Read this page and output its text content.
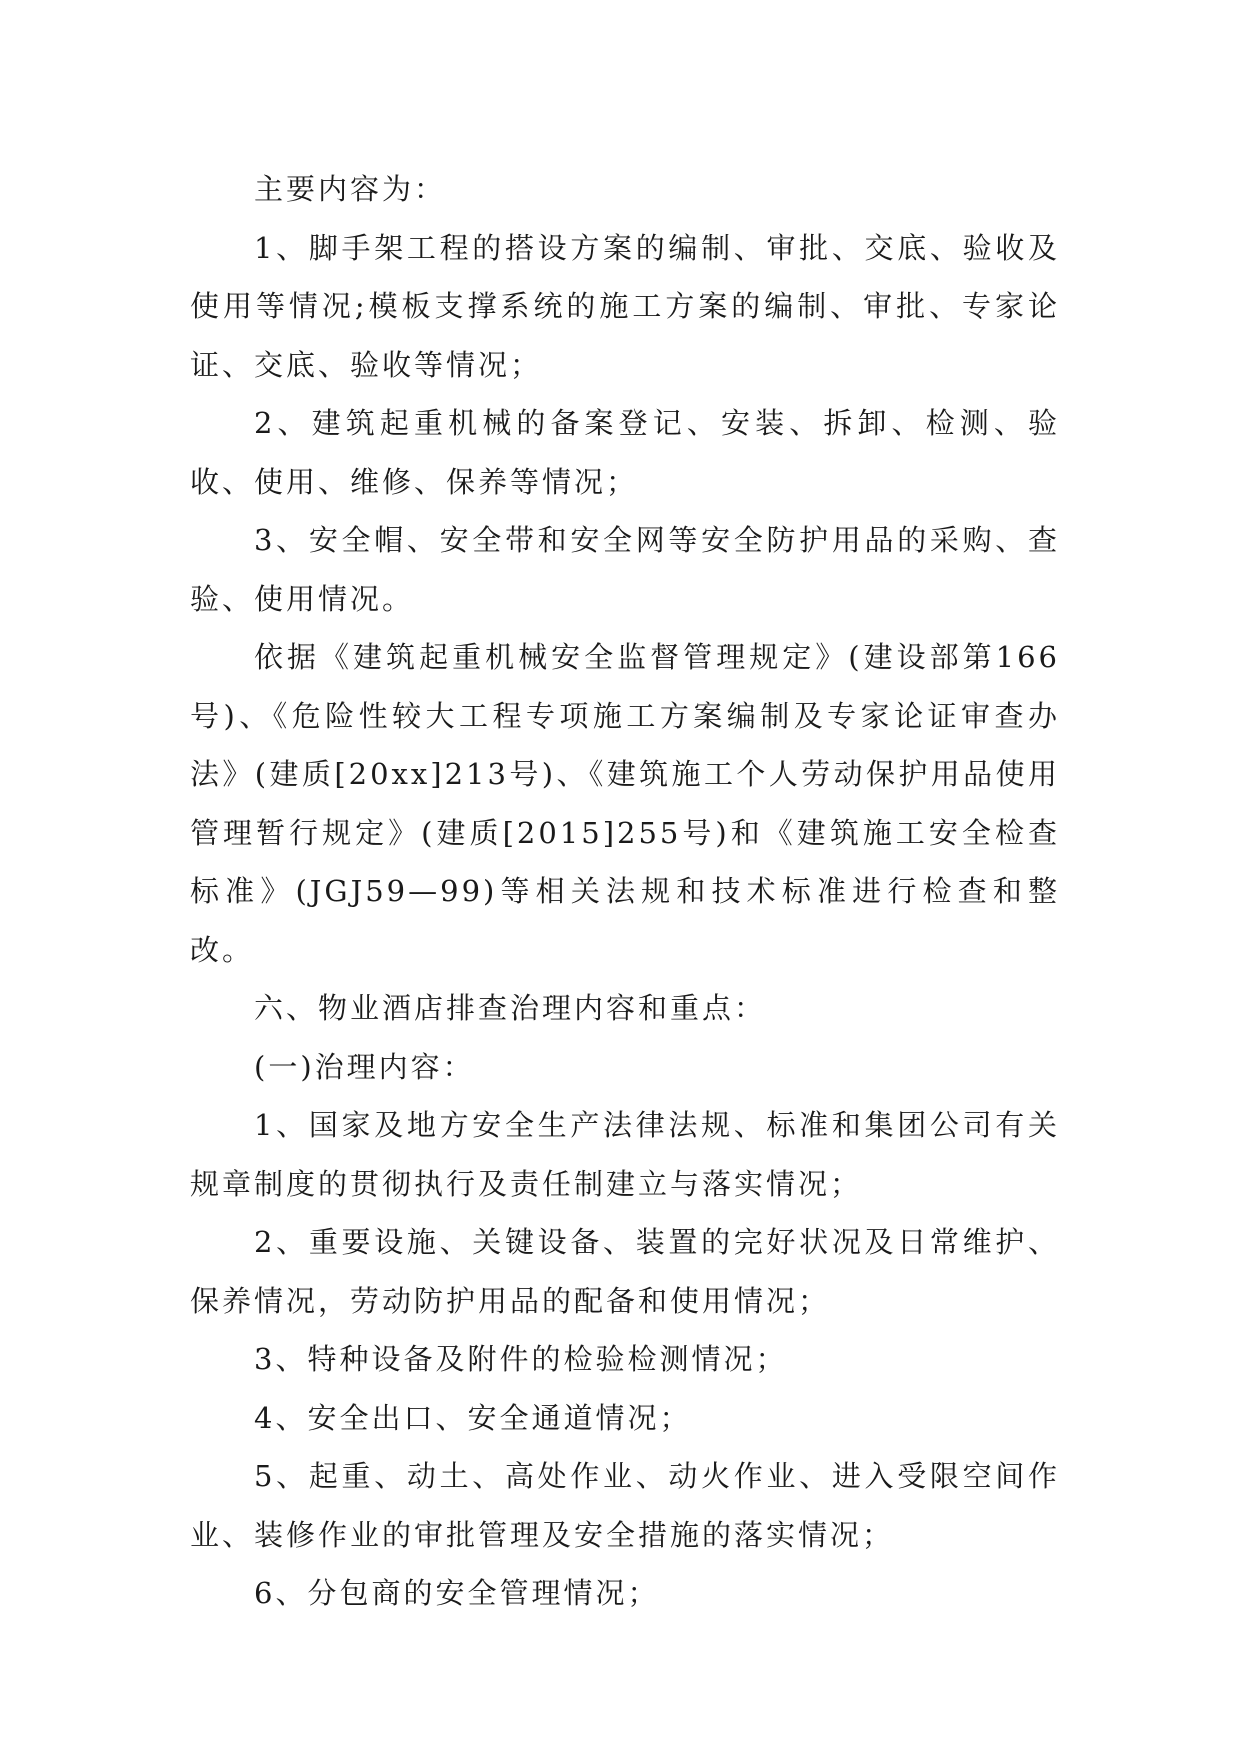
主要内容为：

1、脚手架工程的搭设方案的编制、审批、交底、验收及使用等情况;模板支撑系统的施工方案的编制、审批、专家论证、交底、验收等情况；

2、建筑起重机械的备案登记、安装、拆卸、检测、验收、使用、维修、保养等情况；

3、安全帽、安全带和安全网等安全防护用品的采购、查验、使用情况。

依据《建筑起重机械安全监督管理规定》(建设部第166号)、《危险性较大工程专项施工方案编制及专家论证审查办法》(建质[20xx]213号)、《建筑施工个人劳动保护用品使用管理暂行规定》(建质[2015]255号)和《建筑施工安全检查标准》(JGJ59—99)等相关法规和技术标准进行检查和整改。

六、物业酒店排查治理内容和重点：

(一)治理内容：

1、国家及地方安全生产法律法规、标准和集团公司有关规章制度的贯彻执行及责任制建立与落实情况；

2、重要设施、关键设备、装置的完好状况及日常维护、保养情况，劳动防护用品的配备和使用情况；

3、特种设备及附件的检验检测情况；

4、安全出口、安全通道情况；

5、起重、动土、高处作业、动火作业、进入受限空间作业、装修作业的审批管理及安全措施的落实情况；

6、分包商的安全管理情况；
